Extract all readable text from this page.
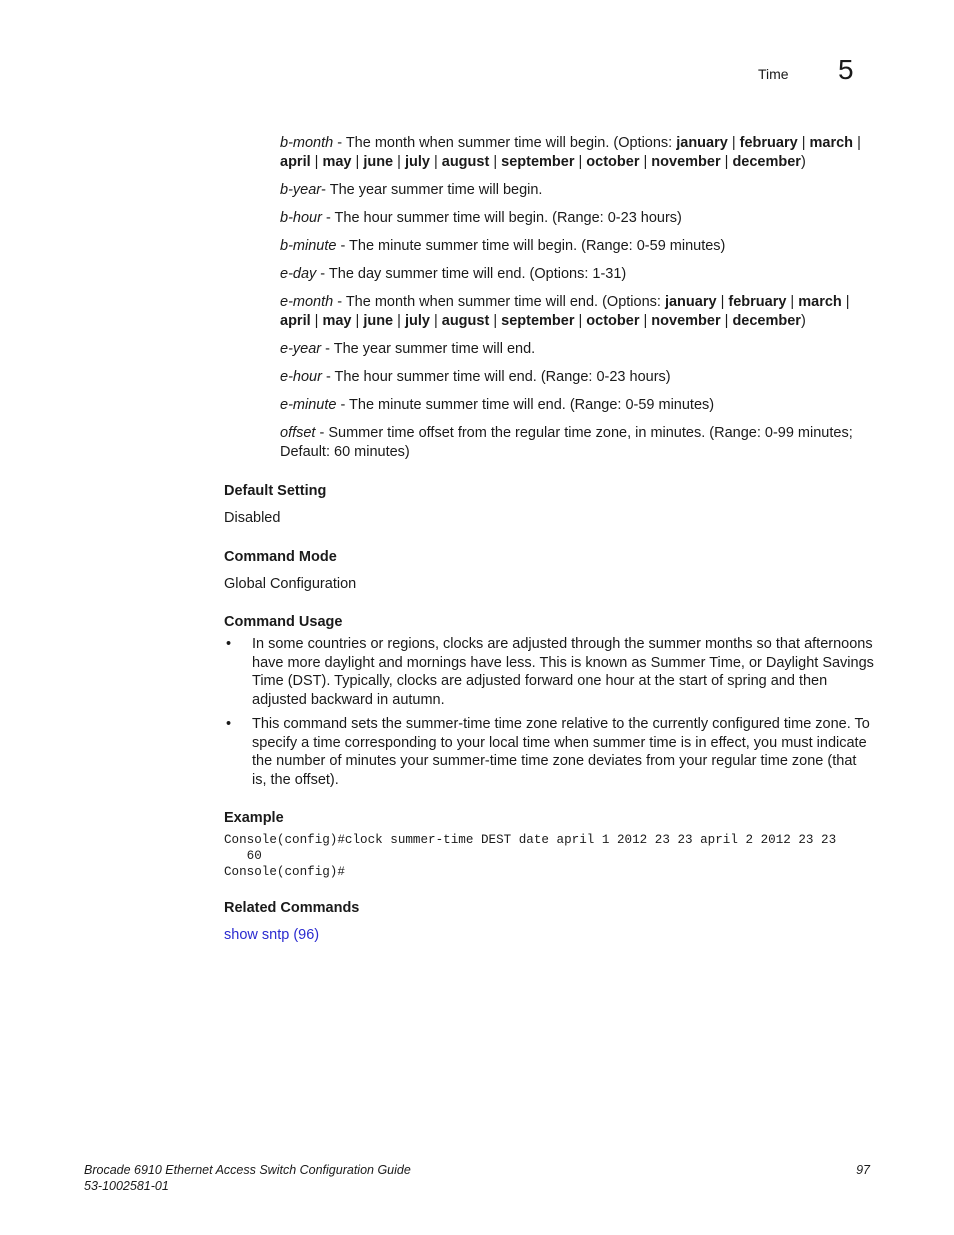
Time 5

b-month - The month when summer time will begin. (Options: january | february | march | april | may | june | july | august | september | october | november | december)

b-year- The year summer time will begin.

b-hour - The hour summer time will begin. (Range: 0-23 hours)

b-minute - The minute summer time will begin. (Range: 0-59 minutes)

e-day - The day summer time will end. (Options: 1-31)

e-month - The month when summer time will end. (Options: january | february | march | april | may | june | july | august | september | october | november | december)

e-year - The year summer time will end.

e-hour - The hour summer time will end. (Range: 0-23 hours)

e-minute - The minute summer time will end. (Range: 0-59 minutes)

offset - Summer time offset from the regular time zone, in minutes. (Range: 0-99 minutes; Default: 60 minutes)

Default Setting

Disabled

Command Mode

Global Configuration

Command Usage

• In some countries or regions, clocks are adjusted through the summer months so that afternoons have more daylight and mornings have less. This is known as Summer Time, or Daylight Savings Time (DST). Typically, clocks are adjusted forward one hour at the start of spring and then adjusted backward in autumn.
• This command sets the summer-time time zone relative to the currently configured time zone. To specify a time corresponding to your local time when summer time is in effect, you must indicate the number of minutes your summer-time time zone deviates from your regular time zone (that is, the offset).

Example

Console(config)#clock summer-time DEST date april 1 2012 23 23 april 2 2012 23 23
60
Console(config)#

Related Commands

show sntp (96)

Brocade 6910 Ethernet Access Switch Configuration Guide
53-1002581-01
97
